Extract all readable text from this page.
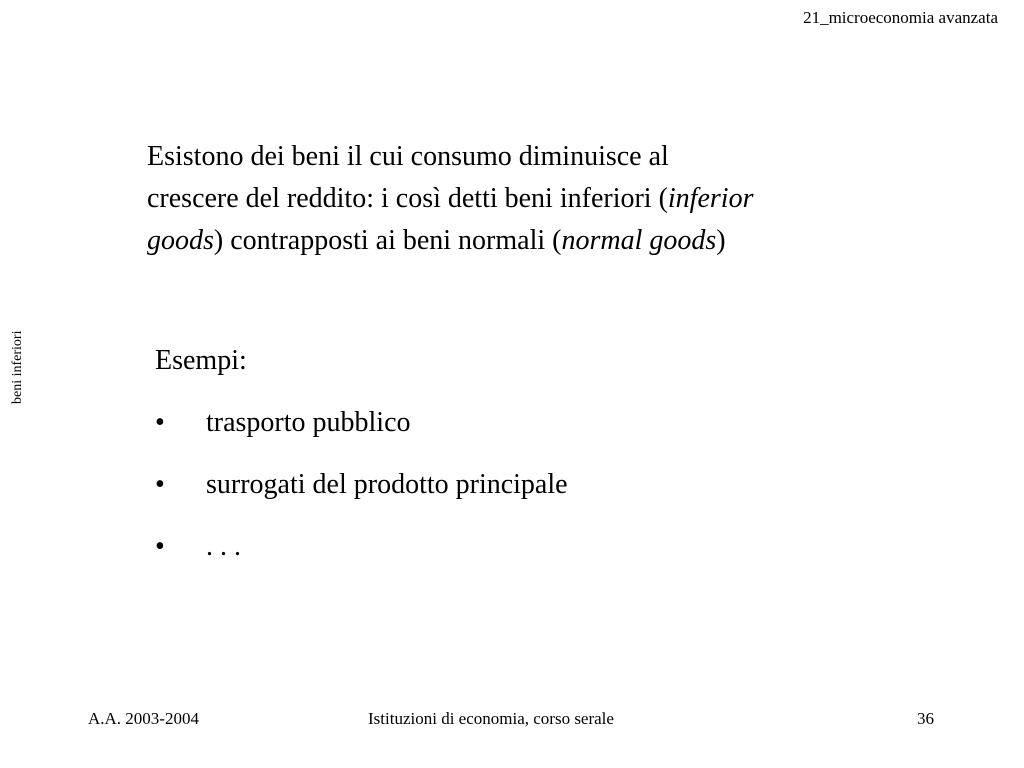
21_microeconomia avanzata
beni inferiori

Esistono dei beni il cui consumo diminuisce al
crescere del reddito: i così detti beni inferiori (inferior
goods) contrapposti ai beni normali (normal goods)

Esempi:

• trasporto pubblico
• surrogati del prodotto principale
• . . .
A.A. 2003-2004	Istituzioni di economia, corso serale	36
